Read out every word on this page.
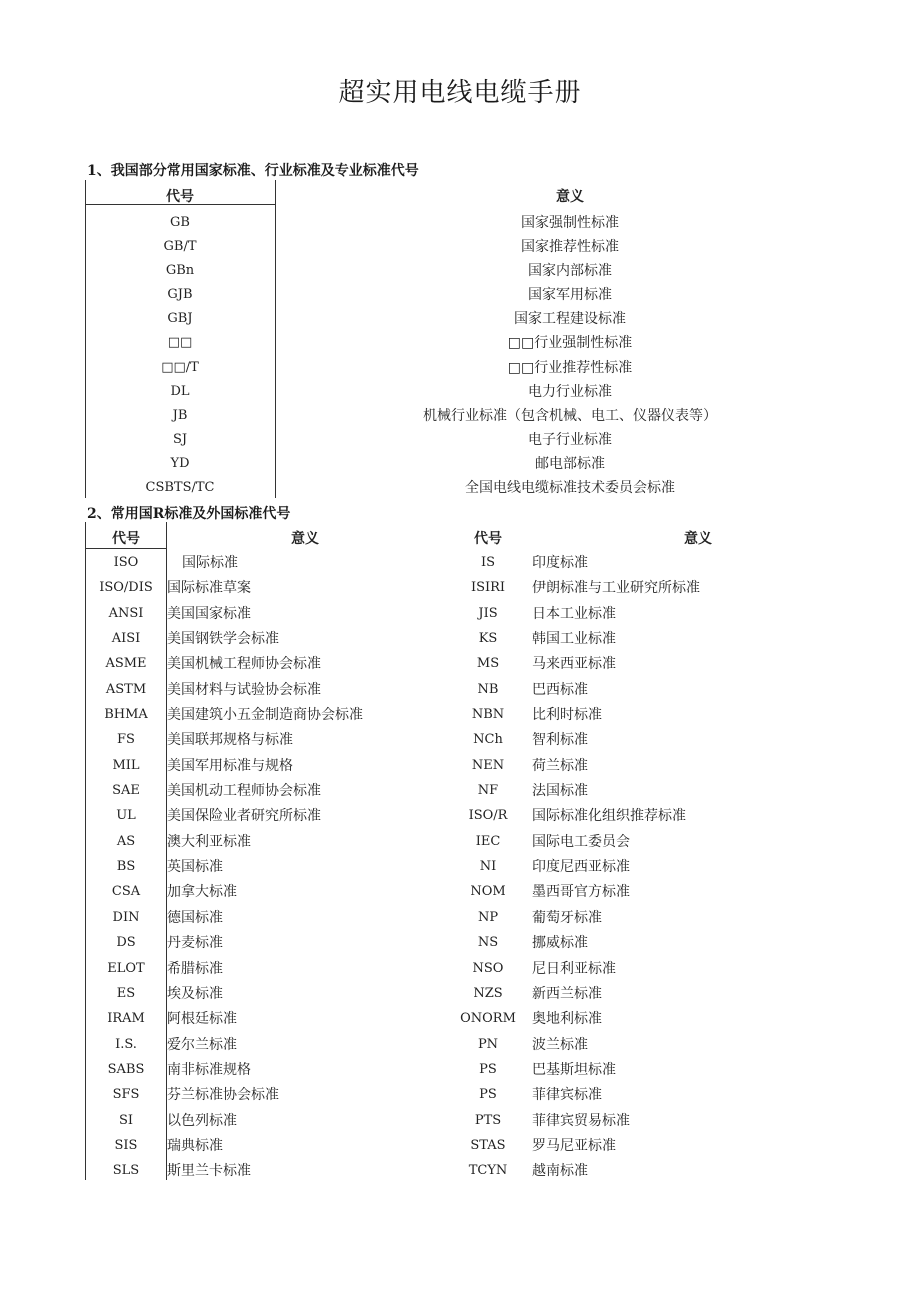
超实用电线电缆手册
1、我国部分常用国家标准、行业标准及专业标准代号
代号	意义
GB	国家强制性标准
GB/T	国家推荐性标准
GBn	国家内部标准
GJB	国家军用标准
GBJ	国家工程建设标准
□□	□□行业强制性标准
□□/T	□□行业推荐性标准
DL	电力行业标准
JB	机械行业标准（包含机械、电工、仪器仪表等）
SJ	电子行业标准
YD	邮电部标准
CSBTS/TC	全国电线电缆标准技术委员会标准
2、常用国R标准及外国标准代号
代号	意义	代号	意义
ISO	国际标准	IS	印度标准
ISO/DIS	国际标准草案	ISIRI	伊朗标准与工业研究所标准
ANSI	美国国家标准	JIS	日本工业标准
AISI	美国钢铁学会标准	KS	韩国工业标准
ASME	美国机械工程师协会标准	MS	马来西亚标准
ASTM	美国材料与试验协会标准	NB	巴西标准
BHMA	美国建筑小五金制造商协会标准	NBN	比利时标准
FS	美国联邦规格与标准	NCh	智利标准
MIL	美国军用标准与规格	NEN	荷兰标准
SAE	美国机动工程师协会标准	NF	法国标准
UL	美国保险业者研究所标准	ISO/R	国际标准化组织推荐标准
AS	澳大利亚标准	IEC	国际电工委员会
BS	英国标准	NI	印度尼西亚标准
CSA	加拿大标准	NOM	墨西哥官方标准
DIN	德国标准	NP	葡萄牙标准
DS	丹麦标准	NS	挪威标准
ELOT	希腊标准	NSO	尼日利亚标准
ES	埃及标准	NZS	新西兰标准
IRAM	阿根廷标准	ONORM	奥地利标准
I.S.	爱尔兰标准	PN	波兰标准
SABS	南非标准规格	PS	巴基斯坦标准
SFS	芬兰标准协会标准	PS	菲律宾标准
SI	以色列标准	PTS	菲律宾贸易标准
SIS	瑞典标准	STAS	罗马尼亚标准
SLS	斯里兰卡标准	TCYN	越南标准
